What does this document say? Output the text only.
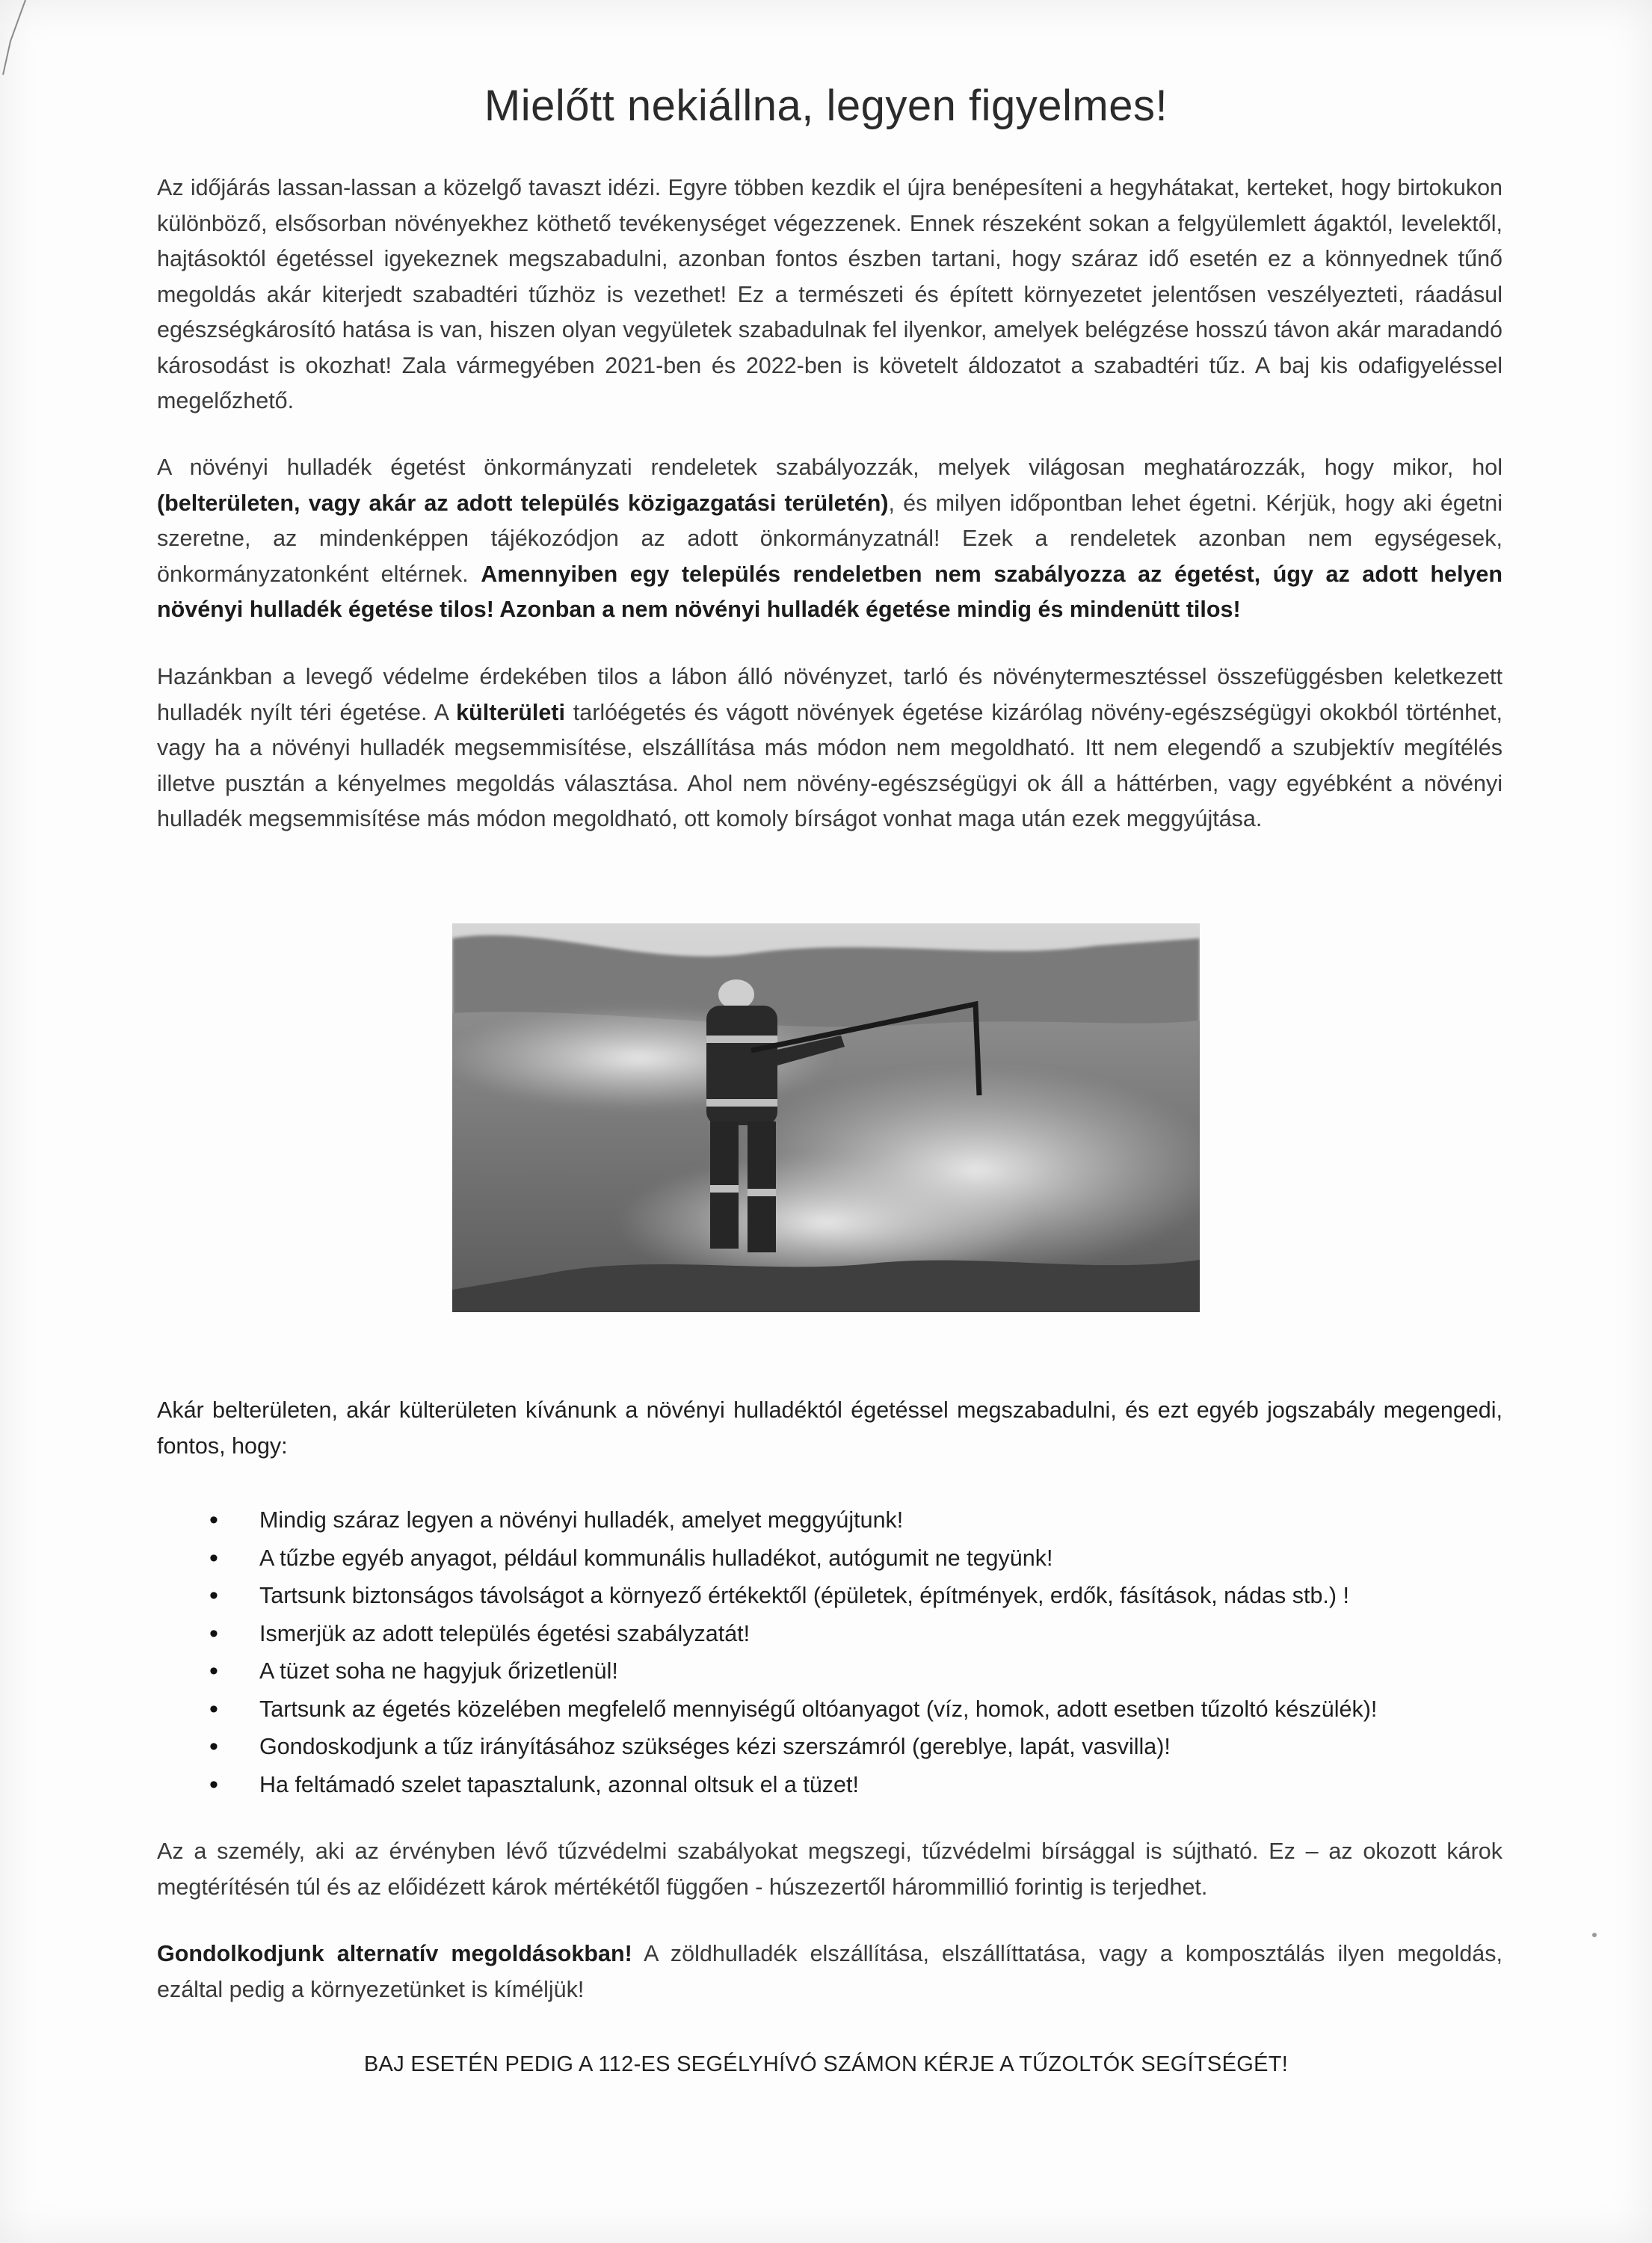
Mielőtt nekiállna, legyen figyelmes!

Az időjárás lassan-lassan a közelgő tavaszt idézi. Egyre többen kezdik el újra benépesíteni a hegyhátakat, kerteket, hogy birtokukon különböző, elsősorban növényekhez köthető tevékenységet végezzenek. Ennek részeként sokan a felgyülemlett ágaktól, levelektől, hajtásoktól égetéssel igyekeznek megszabadulni, azonban fontos észben tartani, hogy száraz idő esetén ez a könnyednek tűnő megoldás akár kiterjedt szabadtéri tűzhöz is vezethet! Ez a természeti és épített környezetet jelentősen veszélyezteti, ráadásul egészségkárosító hatása is van, hiszen olyan vegyületek szabadulnak fel ilyenkor, amelyek belégzése hosszú távon akár maradandó károsodást is okozhat! Zala vármegyében 2021-ben és 2022-ben is követelt áldozatot a szabadtéri tűz. A baj kis odafigyeléssel megelőzhető.

A növényi hulladék égetést önkormányzati rendeletek szabályozzák, melyek világosan meghatározzák, hogy mikor, hol (belterületen, vagy akár az adott település közigazgatási területén), és milyen időpontban lehet égetni. Kérjük, hogy aki égetni szeretne, az mindenképpen tájékozódjon az adott önkormányzatnál! Ezek a rendeletek azonban nem egységesek, önkormányzatonként eltérnek. Amennyiben egy település rendeletben nem szabályozza az égetést, úgy az adott helyen növényi hulladék égetése tilos! Azonban a nem növényi hulladék égetése mindig és mindenütt tilos!

Hazánkban a levegő védelme érdekében tilos a lábon álló növényzet, tarló és növénytermesztéssel összefüggésben keletkezett hulladék nyílt téri égetése. A külterületi tarlóégetés és vágott növények égetése kizárólag növény-egészségügyi okokból történhet, vagy ha a növényi hulladék megsemmisítése, elszállítása más módon nem megoldható. Itt nem elegendő a szubjektív megítélés illetve pusztán a kényelmes megoldás választása. Ahol nem növény-egészségügyi ok áll a háttérben, vagy egyébként a növényi hulladék megsemmisítése más módon megoldható, ott komoly bírságot vonhat maga után ezek meggyújtása.

Akár belterületen, akár külterületen kívánunk a növényi hulladéktól égetéssel megszabadulni, és ezt egyéb jogszabály megengedi, fontos, hogy:

• Mindig száraz legyen a növényi hulladék, amelyet meggyújtunk!
• A tűzbe egyéb anyagot, például kommunális hulladékot, autógumit ne tegyünk!
• Tartsunk biztonságos távolságot a környező értékektől (épületek, építmények, erdők, fásítások, nádas stb.) !
• Ismerjük az adott település égetési szabályzatát!
• A tüzet soha ne hagyjuk őrizetlenül!
• Tartsunk az égetés közelében megfelelő mennyiségű oltóanyagot (víz, homok, adott esetben tűzoltó készülék)!
• Gondoskodjunk a tűz irányításához szükséges kézi szerszámról (gereblye, lapát, vasvilla)!
• Ha feltámadó szelet tapasztalunk, azonnal oltsuk el a tüzet!

Az a személy, aki az érvényben lévő tűzvédelmi szabályokat megszegi, tűzvédelmi bírsággal is sújtható. Ez – az okozott károk megtérítésén túl és az előidézett károk mértékétől függően - húszezertől hárommillió forintig is terjedhet.

Gondolkodjunk alternatív megoldásokban! A zöldhulladék elszállítása, elszállíttatása, vagy a komposztálás ilyen megoldás, ezáltal pedig a környezetünket is kíméljük!

BAJ ESETÉN PEDIG A 112-ES SEGÉLYHÍVÓ SZÁMON KÉRJE A TŰZOLTÓK SEGÍTSÉGÉT!
